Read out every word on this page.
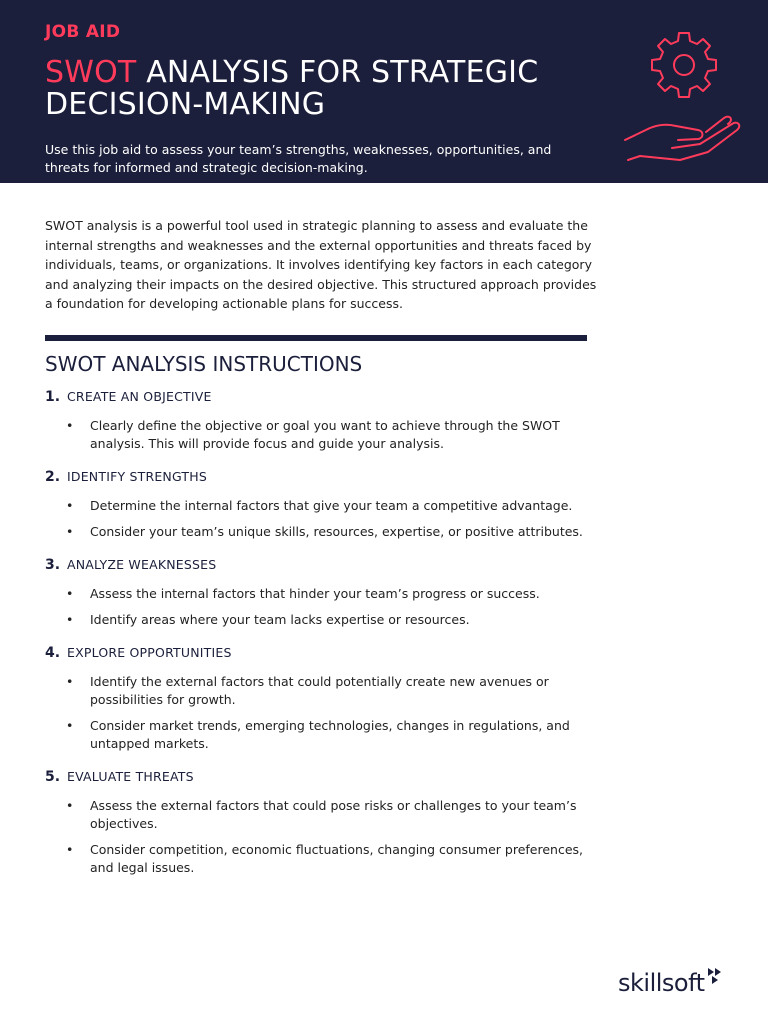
JOB AID
SWOT ANALYSIS FOR STRATEGIC DECISION-MAKING
Use this job aid to assess your team’s strengths, weaknesses, opportunities, and threats for informed and strategic decision-making.
SWOT analysis is a powerful tool used in strategic planning to assess and evaluate the internal strengths and weaknesses and the external opportunities and threats faced by individuals, teams, or organizations. It involves identifying key factors in each category and analyzing their impacts on the desired objective. This structured approach provides a foundation for developing actionable plans for success.
SWOT ANALYSIS INSTRUCTIONS
1. CREATE AN OBJECTIVE
• Clearly define the objective or goal you want to achieve through the SWOT analysis. This will provide focus and guide your analysis.
2. IDENTIFY STRENGTHS
• Determine the internal factors that give your team a competitive advantage.
• Consider your team’s unique skills, resources, expertise, or positive attributes.
3. ANALYZE WEAKNESSES
• Assess the internal factors that hinder your team’s progress or success.
• Identify areas where your team lacks expertise or resources.
4. EXPLORE OPPORTUNITIES
• Identify the external factors that could potentially create new avenues or possibilities for growth.
• Consider market trends, emerging technologies, changes in regulations, and untapped markets.
5. EVALUATE THREATS
• Assess the external factors that could pose risks or challenges to your team’s objectives.
• Consider competition, economic fluctuations, changing consumer preferences, and legal issues.
skillsoft
